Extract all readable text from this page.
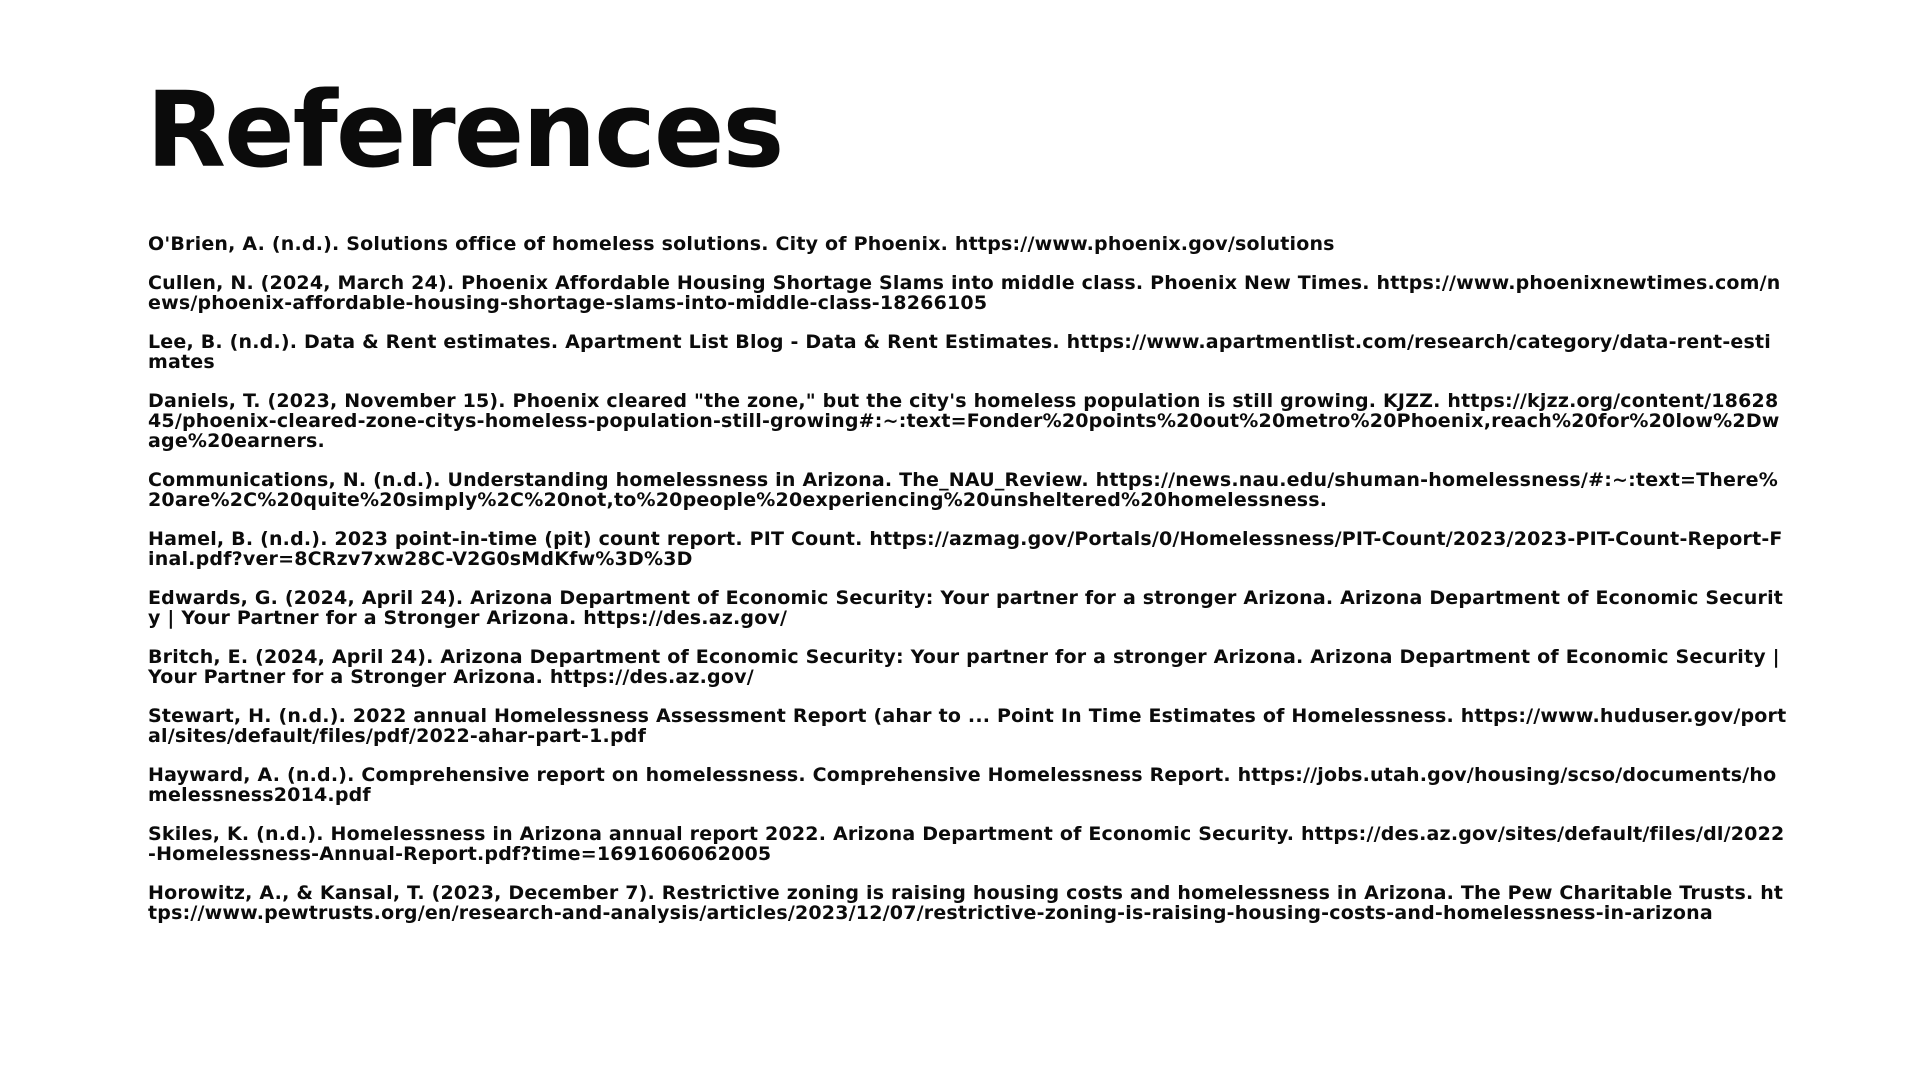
References
O'Brien, A. (n.d.). Solutions office of homeless solutions. City of Phoenix. https://www.phoenix.gov/solutions
Cullen, N. (2024, March 24). Phoenix Affordable Housing Shortage Slams into middle class. Phoenix New Times. https://www.phoenixnewtimes.com/news/phoenix-affordable-housing-shortage-slams-into-middle-class-18266105
Lee, B. (n.d.). Data & Rent estimates. Apartment List Blog - Data & Rent Estimates. https://www.apartmentlist.com/research/category/data-rent-estimates
Daniels, T. (2023, November 15). Phoenix cleared "the zone," but the city's homeless population is still growing. KJZZ. https://kjzz.org/content/1862845/phoenix-cleared-zone-citys-homeless-population-still-growing#:~:text=Fonder%20points%20out%20metro%20Phoenix,reach%20for%20low%2Dwage%20earners.
Communications, N. (n.d.). Understanding homelessness in Arizona. The_NAU_Review. https://news.nau.edu/shuman-homelessness/#:~:text=There%20are%2C%20quite%20simply%2C%20not,to%20people%20experiencing%20unsheltered%20homelessness.
Hamel, B. (n.d.). 2023 point-in-time (pit) count report. PIT Count. https://azmag.gov/Portals/0/Homelessness/PIT-Count/2023/2023-PIT-Count-Report-Final.pdf?ver=8CRzv7xw28C-V2G0sMdKfw%3D%3D
Edwards, G. (2024, April 24). Arizona Department of Economic Security: Your partner for a stronger Arizona. Arizona Department of Economic Security | Your Partner for a Stronger Arizona. https://des.az.gov/
Britch, E. (2024, April 24). Arizona Department of Economic Security: Your partner for a stronger Arizona. Arizona Department of Economic Security | Your Partner for a Stronger Arizona. https://des.az.gov/
Stewart, H. (n.d.). 2022 annual Homelessness Assessment Report (ahar to ... Point In Time Estimates of Homelessness. https://www.huduser.gov/portal/sites/default/files/pdf/2022-ahar-part-1.pdf
Hayward, A. (n.d.). Comprehensive report on homelessness. Comprehensive Homelessness Report. https://jobs.utah.gov/housing/scso/documents/homelessness2014.pdf
Skiles, K. (n.d.). Homelessness in Arizona annual report 2022. Arizona Department of Economic Security. https://des.az.gov/sites/default/files/dl/2022-Homelessness-Annual-Report.pdf?time=1691606062005
Horowitz, A., & Kansal, T. (2023, December 7). Restrictive zoning is raising housing costs and homelessness in Arizona. The Pew Charitable Trusts. https://www.pewtrusts.org/en/research-and-analysis/articles/2023/12/07/restrictive-zoning-is-raising-housing-costs-and-homelessness-in-arizona
